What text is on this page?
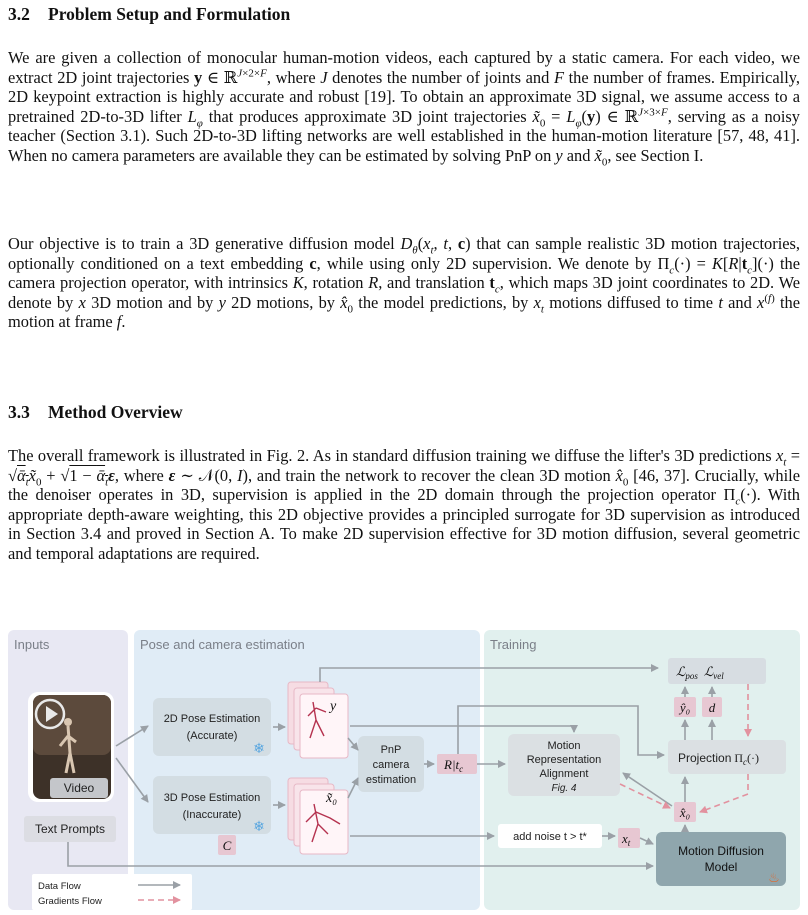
3.2 Problem Setup and Formulation

We are given a collection of monocular human-motion videos, each captured by a static camera. For each video, we extract 2D joint trajectories y ∈ ℝ$^{J\times 2\times F}$, where J denotes the number of joints and F the number of frames. Empirically, 2D keypoint extraction is highly accurate and robust [19]. To obtain an approximate 3D signal, we assume access to a pretrained 2D-to-3D lifter $L_\varphi$ that produces approximate 3D joint trajectories $x̃_0 = L_\varphi(y)$ ∈ ℝ$^{J\times 3\times F}$, serving as a noisy teacher (Section 3.1). Such 2D-to-3D lifting networks are well established in the human-motion literature [57, 48, 41]. When no camera parameters are available they can be estimated by solving PnP on y and $x̃_0$, see Section I.

Our objective is to train a 3D generative diffusion model $D_\theta(x_t$, t, c) that can sample realistic 3D motion trajectories, optionally conditioned on a text embedding c, while using only 2D supervision. We denote by $\Pi_c(\cdot) = K[R|t_c](\cdot)$ the camera projection operator, with intrinsics K, rotation R, and translation $t_c$, which maps 3D joint coordinates to 2D. We denote by x 3D motion and by y 2D motions, by $x̂_0$ the model predictions, by $x_t$ motions diffused to time t and $x^{(f)}$ the motion at frame f.

3.3 Method Overview

The overall framework is illustrated in Fig. 2. As in standard diffusion training we diffuse the lifter's 3D predictions $x_t$ = $√ᾱ_tx̃_0 + √1$ − ᾱ$_t$ε, where ε ∼ 𝒩(0, I), and train the network to recover the clean 3D motion $x̂_0$ [46, 37]. Crucially, while the denoiser operates in 3D, supervision is applied in the 2D domain through the projection operator $\Pi_c(\cdot)$. With appropriate depth-aware weighting, this 2D objective provides a principled surrogate for 3D supervision as introduced in Section 3.4 and proved in Section A. To make 2D supervision effective for 3D motion diffusion, several geometric and temporal adaptations are required.

Inputs	Pose and camera estimation	Training
Video
Text Prompts
2D Pose Estimation
(Accurate)
❄
3D Pose Estimation
(Inaccurate)
❄
y
x̃₀
PnP
camera
estimation
$R|t_c$
C
Motion
Representation
Alignment
Fig. 4
ℒ$_{pos}$ ℒ$_{vel}$
ŷ₀ d
Projection $\Pi_c(\cdot)$
x̂₀
add noise t > t*	$x_t$
Motion Diffusion
Model
♨
Data Flow
Gradients Flow
